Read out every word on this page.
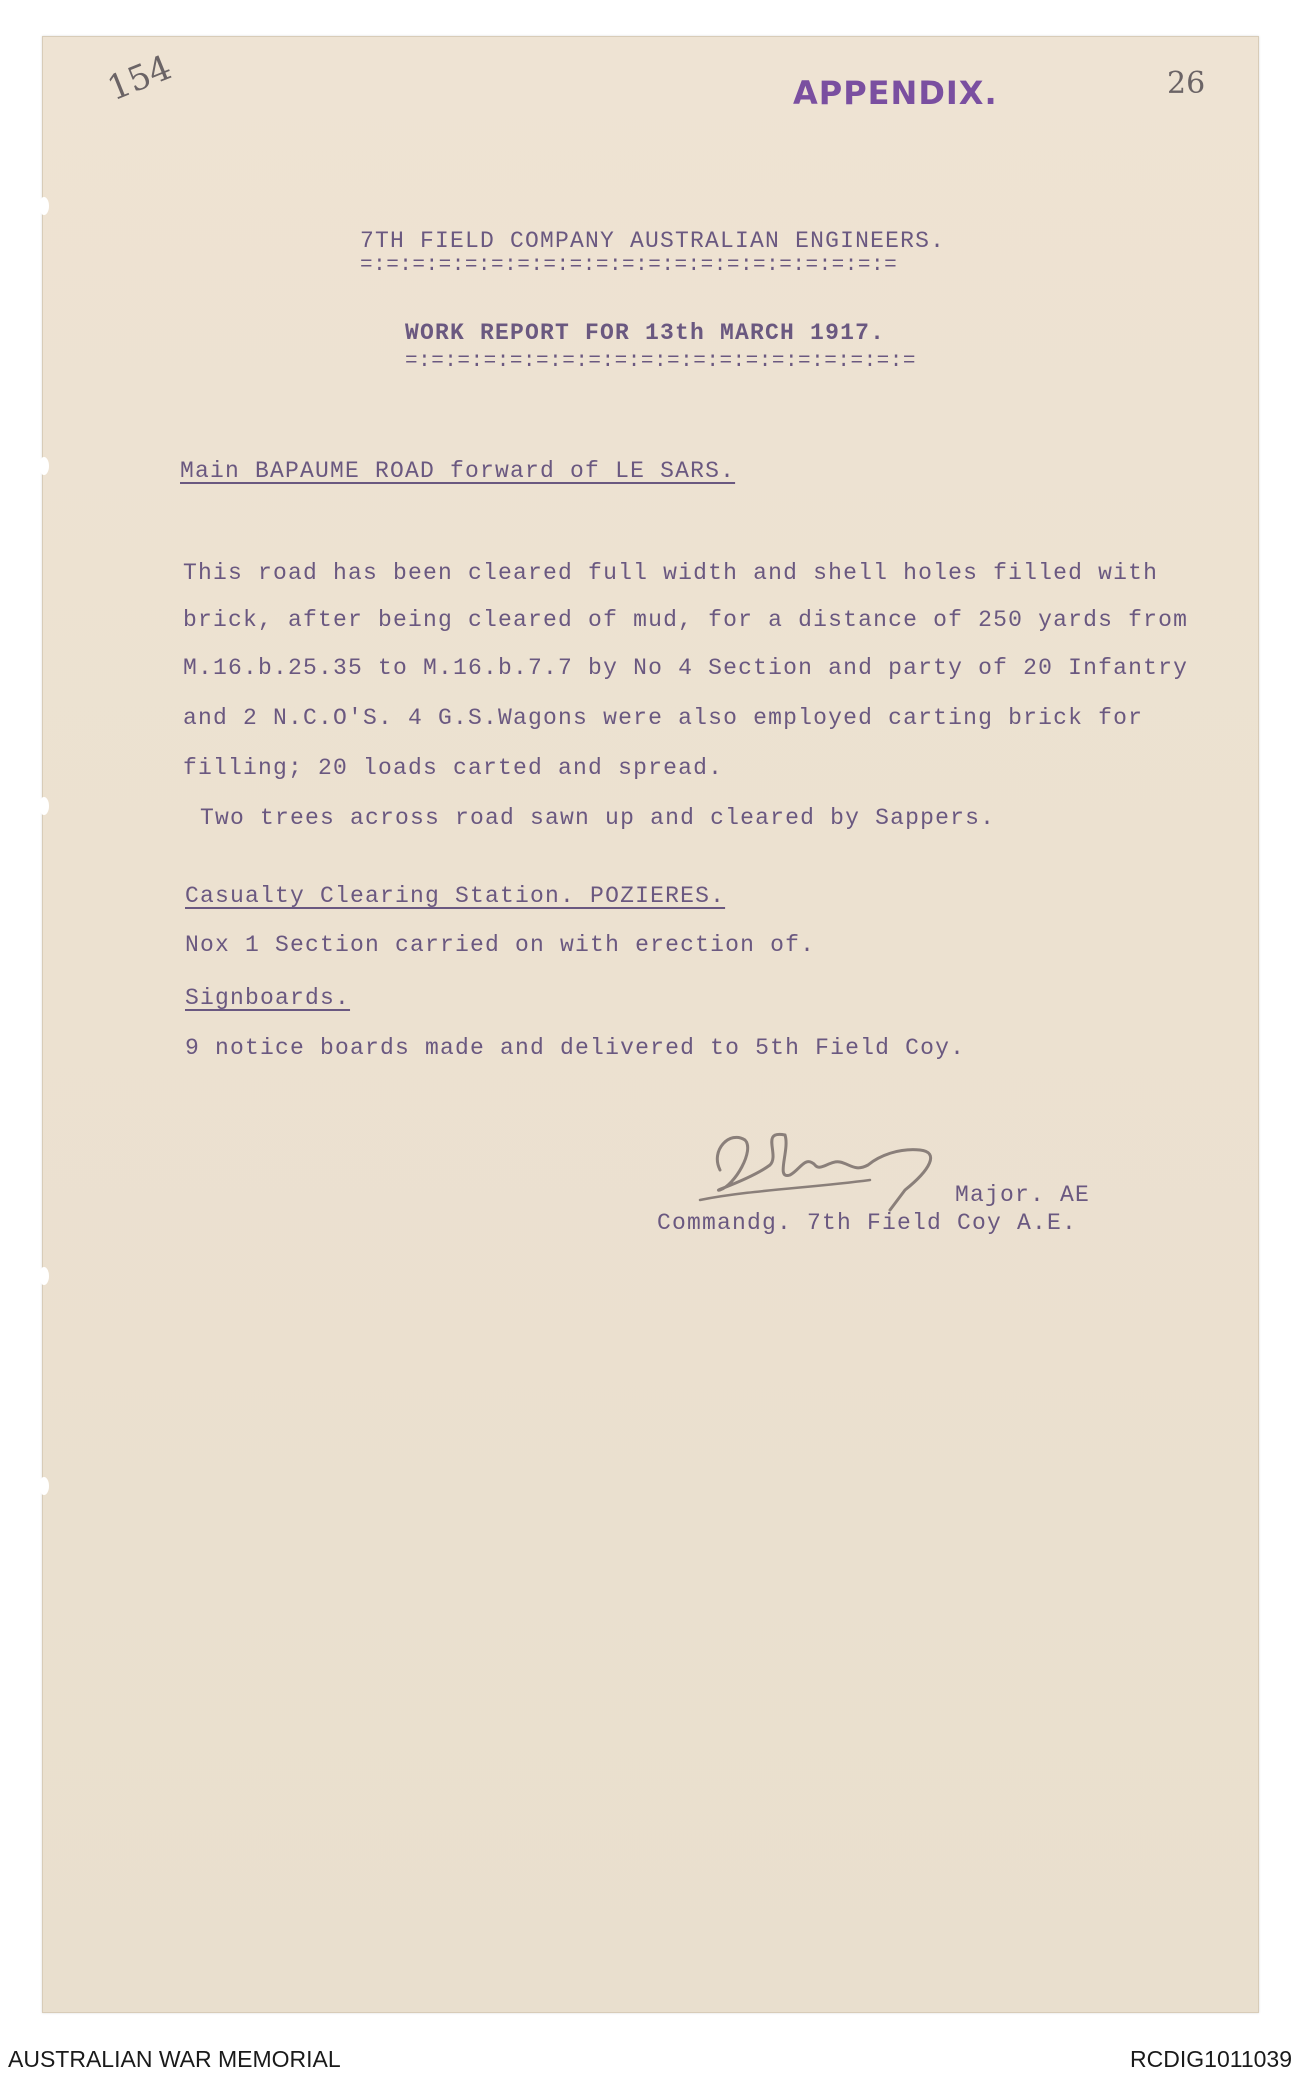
154	APPENDIX.	26

7TH FIELD COMPANY AUSTRALIAN ENGINEERS.

=:=:=:=:=:=:=:=:=:=:=:=:=:=:=:=:=:=:=:=:=

WORK REPORT FOR 13th MARCH 1917.

=:=:=:=:=:=:=:=:=:=:=:=:=:=:=:=:=:=:=:=

Main BAPAUME ROAD forward of LE SARS.

This road has been cleared full width and shell holes filled with

brick, after being cleared of mud, for a distance of 250 yards from

M.16.b.25.35 to M.16.b.7.7 by No 4 Section and party of 20 Infantry

and 2 N.C.O'S. 4 G.S.Wagons were also employed carting brick for

filling; 20 loads carted and spread.

Two trees across road sawn up and cleared by Sappers.

Casualty Clearing Station. POZIERES.

Nox 1 Section carried on with erection of.

Signboards.

9 notice boards made and delivered to 5th Field Coy.

Major. AE

Commandg. 7th Field Coy A.E.

AUSTRALIAN WAR MEMORIAL	RCDIG1011039
